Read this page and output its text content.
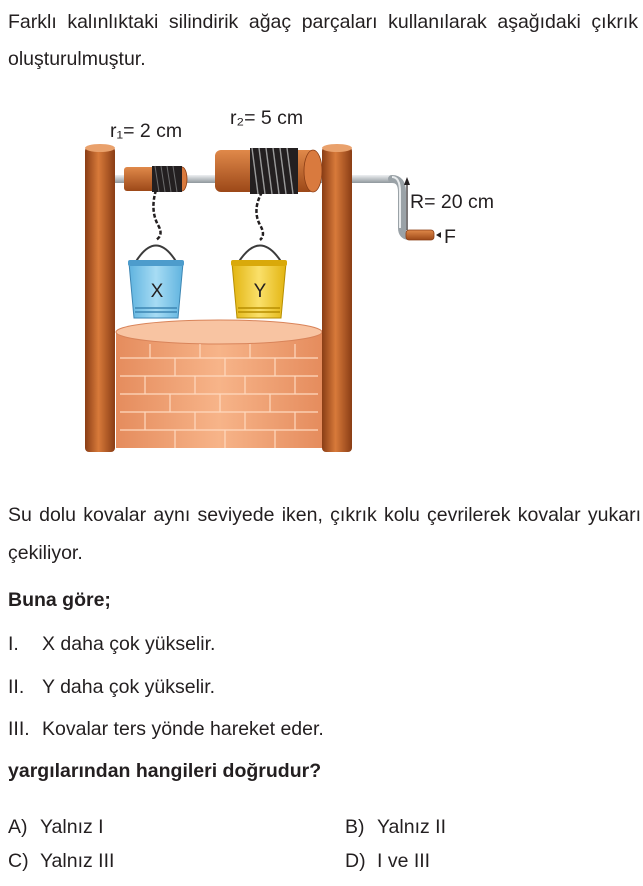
Farklı kalınlıktaki silindirik ağaç parçaları kullanılarak aşağıdaki çıkrık oluşturulmuştur.

X	Y
r₁= 2 cm
r₂= 5 cm
R= 20 cm
F

Su dolu kovalar aynı seviyede iken, çıkrık kolu çevrilerek kovalar yukarı çekiliyor.

Buna göre;

I. X daha çok yükselir.

II. Y daha çok yükselir.

III. Kovalar ters yönde hareket eder.

yargılarından hangileri doğrudur?

A) Yalnız I	B) Yalnız II
C) Yalnız III	D) I ve III
